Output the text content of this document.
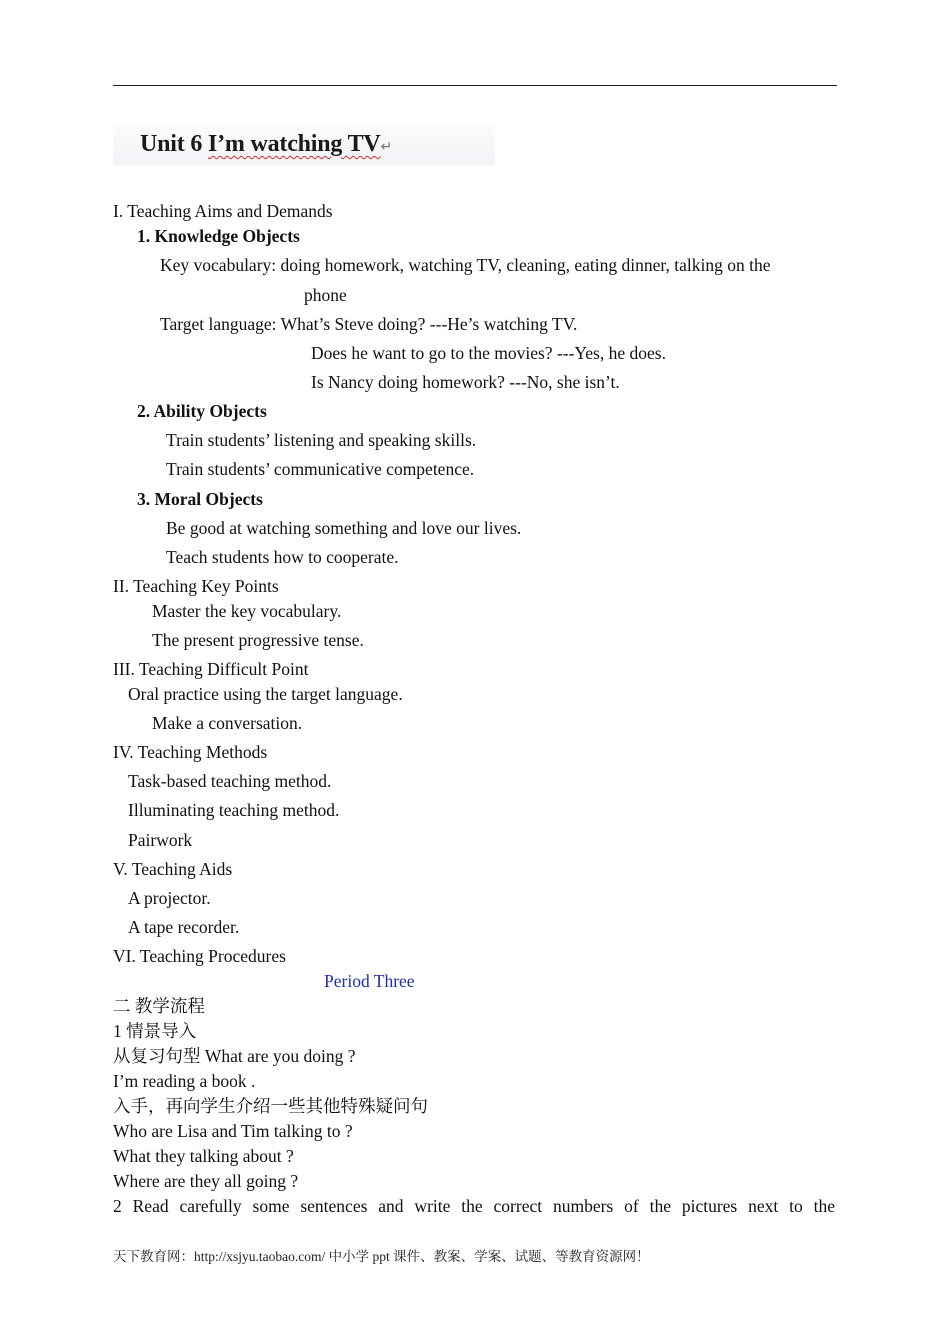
Unit 6 I’m watching TV↵

I. Teaching Aims and Demands

1. Knowledge Objects

Key vocabulary: doing homework, watching TV, cleaning, eating dinner, talking on the

phone

Target language: What’s Steve doing? ---He’s watching TV.

Does he want to go to the movies? ---Yes, he does.

Is Nancy doing homework? ---No, she isn’t.

2. Ability Objects

Train students’ listening and speaking skills.

Train students’ communicative competence.

3. Moral Objects

Be good at watching something and love our lives.

Teach students how to cooperate.

II. Teaching Key Points

Master the key vocabulary.

The present progressive tense.

III. Teaching Difficult Point

Oral practice using the target language.

Make a conversation.

IV. Teaching Methods

Task-based teaching method.

Illuminating teaching method.

Pairwork

V. Teaching Aids

A projector.

A tape recorder.

VI. Teaching Procedures

Period Three

二 教学流程

1 情景导入

从复习句型 What are you doing ?

I’m reading a book .

入手，再向学生介绍一些其他特殊疑问句

Who are Lisa and Tim talking to ?

What they talking about ?

Where are they all going ?

2 Read carefully some sentences and write the correct numbers of the pictures next to the
天下教育网：http://xsjyu.taobao.com/ 中小学 ppt 课件、教案、学案、试题、等教育资源网！
